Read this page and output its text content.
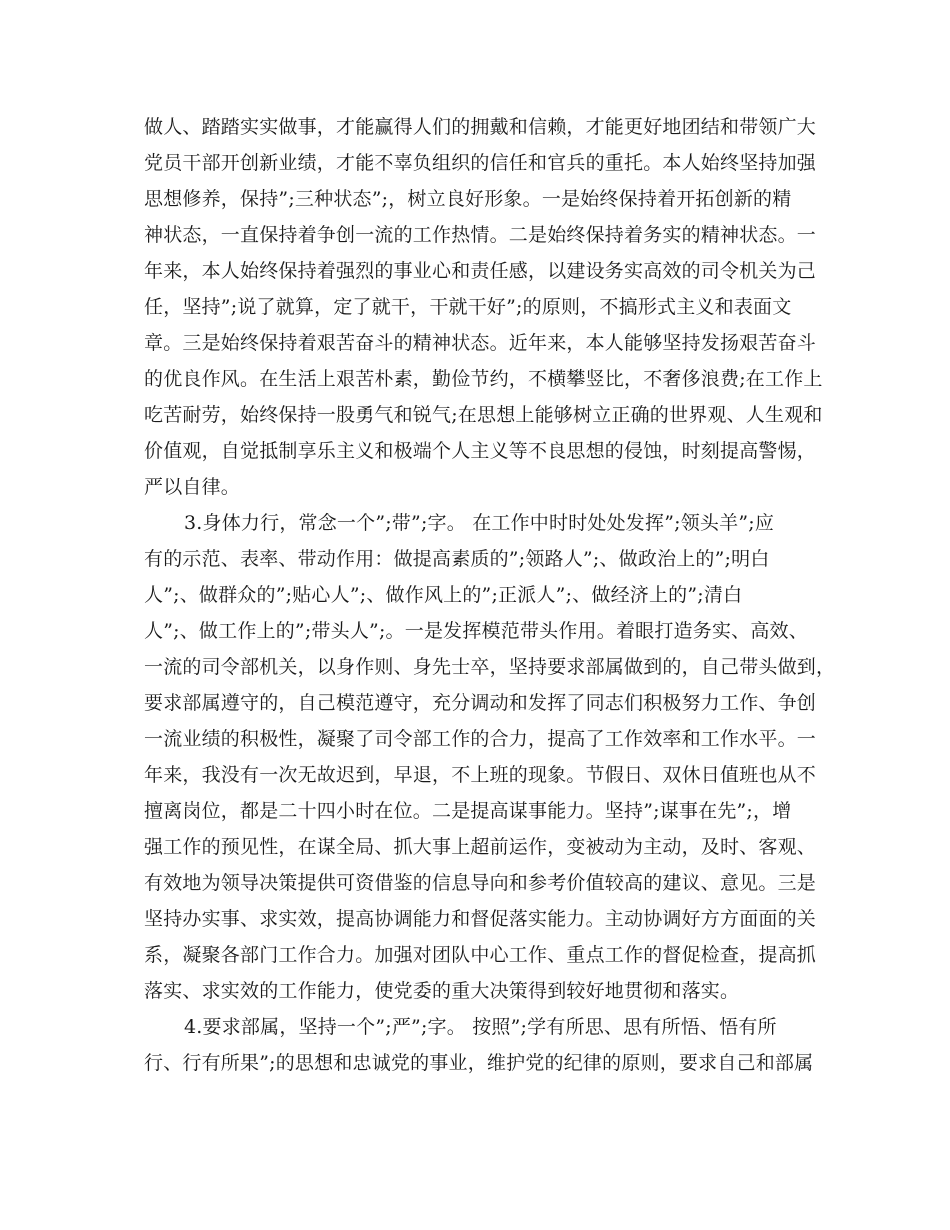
做人、踏踏实实做事，才能赢得人们的拥戴和信赖，才能更好地团结和带领广大
党员干部开创新业绩，才能不辜负组织的信任和官兵的重托。本人始终坚持加强
思想修养，保持”;三种状态”;，树立良好形象。一是始终保持着开拓创新的精
神状态，一直保持着争创一流的工作热情。二是始终保持着务实的精神状态。一
年来，本人始终保持着强烈的事业心和责任感，以建设务实高效的司令机关为己
任，坚持”;说了就算，定了就干，干就干好”;的原则，不搞形式主义和表面文
章。三是始终保持着艰苦奋斗的精神状态。近年来，本人能够坚持发扬艰苦奋斗
的优良作风。在生活上艰苦朴素，勤俭节约，不横攀竖比，不奢侈浪费;在工作上
吃苦耐劳，始终保持一股勇气和锐气;在思想上能够树立正确的世界观、人生观和
价值观，自觉抵制享乐主义和极端个人主义等不良思想的侵蚀，时刻提高警惕，
严以自律。
3.身体力行，常念一个”;带”;字。 在工作中时时处处发挥”;领头羊”;应
有的示范、表率、带动作用：做提高素质的”;领路人”;、做政治上的”;明白
人”;、做群众的”;贴心人”;、做作风上的”;正派人”;、做经济上的”;清白
人”;、做工作上的”;带头人”;。一是发挥模范带头作用。着眼打造务实、高效、
一流的司令部机关，以身作则、身先士卒，坚持要求部属做到的，自己带头做到，
要求部属遵守的，自己模范遵守，充分调动和发挥了同志们积极努力工作、争创
一流业绩的积极性，凝聚了司令部工作的合力，提高了工作效率和工作水平。一
年来，我没有一次无故迟到，早退，不上班的现象。节假日、双休日值班也从不
擅离岗位，都是二十四小时在位。二是提高谋事能力。坚持”;谋事在先”;，增
强工作的预见性，在谋全局、抓大事上超前运作，变被动为主动，及时、客观、
有效地为领导决策提供可资借鉴的信息导向和参考价值较高的建议、意见。三是
坚持办实事、求实效，提高协调能力和督促落实能力。主动协调好方方面面的关
系，凝聚各部门工作合力。加强对团队中心工作、重点工作的督促检查，提高抓
落实、求实效的工作能力，使党委的重大决策得到较好地贯彻和落实。
4.要求部属，坚持一个”;严”;字。 按照”;学有所思、思有所悟、悟有所
行、行有所果”;的思想和忠诚党的事业，维护党的纪律的原则，要求自己和部属
